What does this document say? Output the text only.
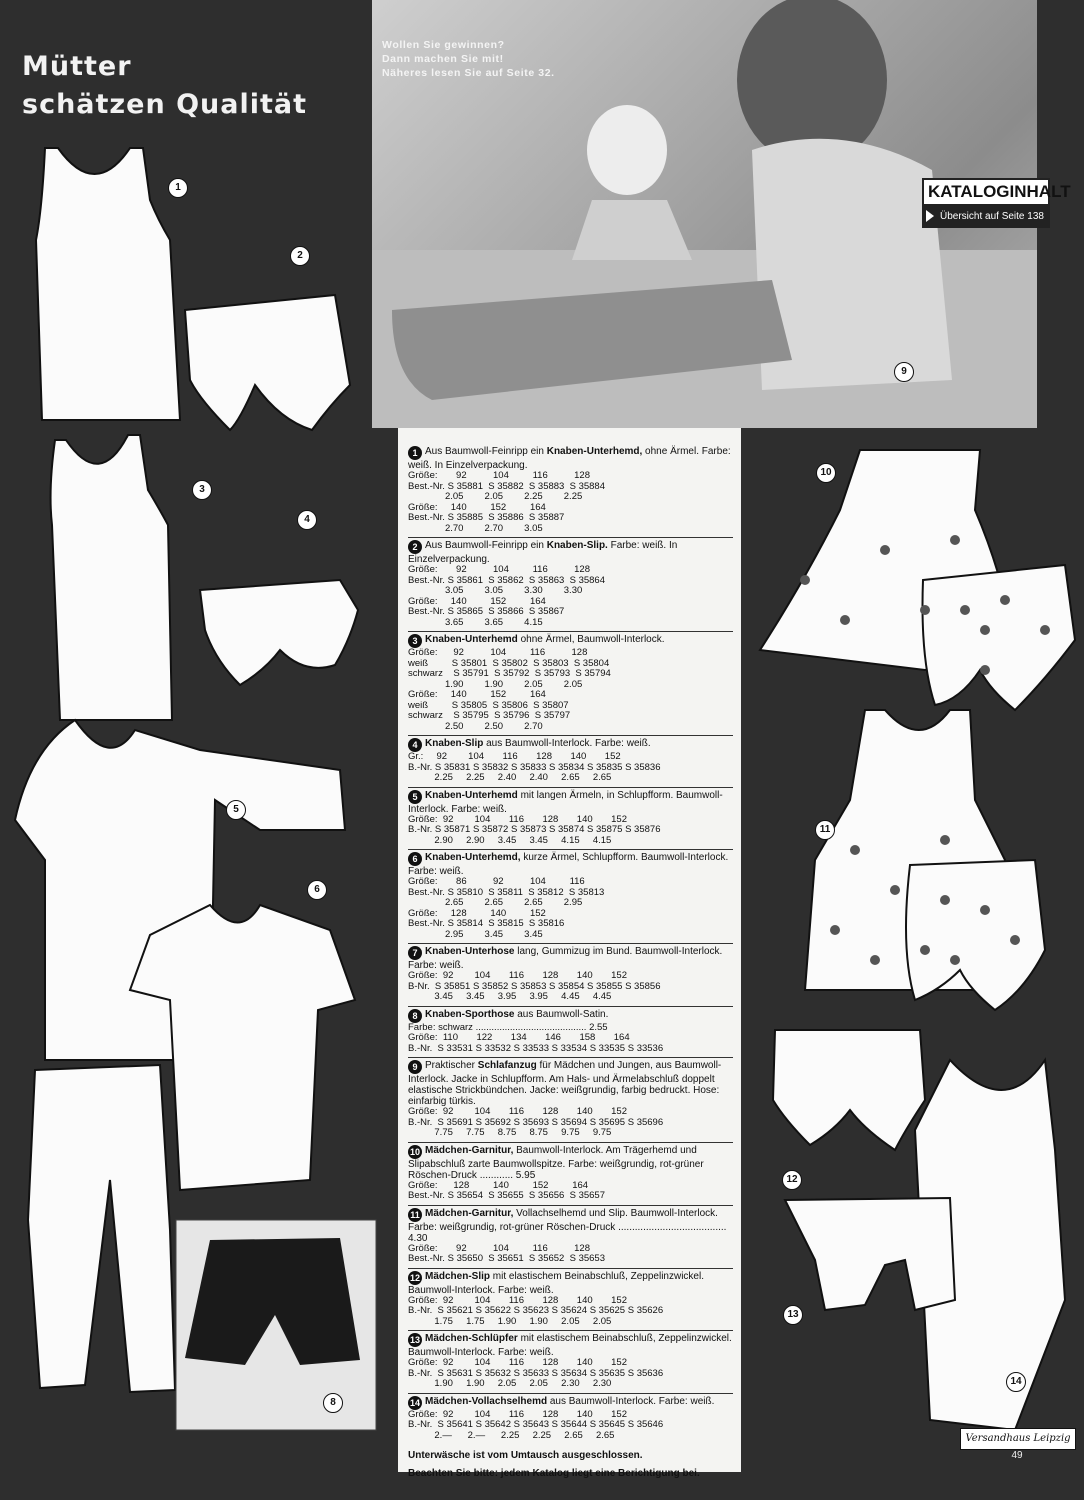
Mütter
schätzen Qualität
Wollen Sie gewinnen?
Dann machen Sie mit!
Näheres lesen Sie auf Seite 32.
KATALOGINHALT
Übersicht auf Seite 138
9
1
2
3
4
5
6
8
10
11
12
13
14
1 Aus Baumwoll-Feinripp ein Knaben-Unterhemd, ohne Ärmel. Farbe: weiß. In Einzelverpackung.
Größe:       92          104         116          128
Best.-Nr. S 35881  S 35882  S 35883  S 35884
2.05        2.05        2.25        2.25
Größe:     140         152         164
Best.-Nr. S 35885  S 35886  S 35887
2.70        2.70        3.05
2 Aus Baumwoll-Feinripp ein Knaben-Slip. Farbe: weiß. In Einzelverpackung.
Größe:       92          104         116          128
Best.-Nr. S 35861  S 35862  S 35863  S 35864
3.05        3.05        3.30        3.30
Größe:     140         152         164
Best.-Nr. S 35865  S 35866  S 35867
3.65        3.65        4.15
3 Knaben-Unterhemd ohne Ärmel, Baumwoll-Interlock.
Größe:      92          104         116          128
weiß         S 35801  S 35802  S 35803  S 35804
schwarz    S 35791  S 35792  S 35793  S 35794
1.90        1.90        2.05        2.05
Größe:     140         152         164
weiß         S 35805  S 35806  S 35807
schwarz    S 35795  S 35796  S 35797
2.50        2.50        2.70
4 Knaben-Slip aus Baumwoll-Interlock. Farbe: weiß.
Gr.:     92        104       116       128       140       152
B.-Nr. S 35831 S 35832 S 35833 S 35834 S 35835 S 35836
2.25     2.25     2.40     2.40     2.65     2.65
5 Knaben-Unterhemd mit langen Ärmeln, in Schlupfform. Baumwoll-Interlock. Farbe: weiß.
Größe:  92        104       116       128       140       152
B.-Nr. S 35871 S 35872 S 35873 S 35874 S 35875 S 35876
2.90     2.90     3.45     3.45     4.15     4.15
6 Knaben-Unterhemd, kurze Ärmel, Schlupfform. Baumwoll-Interlock. Farbe: weiß.
Größe:       86          92          104         116
Best.-Nr. S 35810  S 35811  S 35812  S 35813
2.65        2.65        2.65        2.95
Größe:     128         140         152
Best.-Nr. S 35814  S 35815  S 35816
2.95        3.45        3.45
7 Knaben-Unterhose lang, Gummizug im Bund. Baumwoll-Interlock. Farbe: weiß.
Größe:  92        104       116       128       140       152
B-Nr.  S 35851 S 35852 S 35853 S 35854 S 35855 S 35856
3.45     3.45     3.95     3.95     4.45     4.45
8 Knaben-Sporthose aus Baumwoll-Satin.
Farbe: schwarz .......................................... 2.55
Größe:  110       122       134       146       158       164
B.-Nr.  S 33531 S 33532 S 33533 S 33534 S 33535 S 33536
9 Praktischer Schlafanzug für Mädchen und Jungen, aus Baumwoll-Interlock. Jacke in Schlupfform. Am Hals- und Ärmelabschluß doppelt elastische Strickbündchen. Jacke: weißgrundig, farbig bedruckt. Hose: einfarbig türkis.
Größe:  92        104       116       128       140       152
B.-Nr.  S 35691 S 35692 S 35693 S 35694 S 35695 S 35696
7.75     7.75     8.75     8.75     9.75     9.75
10 Mädchen-Garnitur, Baumwoll-Interlock. Am Trägerhemd und Slipabschluß zarte Baumwollspitze. Farbe: weißgrundig, rot-grüner Röschen-Druck ............ 5.95
Größe:      128         140         152         164
Best.-Nr. S 35654  S 35655  S 35656  S 35657
11 Mädchen-Garnitur, Vollachselhemd und Slip. Baumwoll-Interlock. Farbe: weißgrundig, rot-grüner Röschen-Druck ....................................... 4.30
Größe:       92          104         116          128
Best.-Nr. S 35650  S 35651  S 35652  S 35653
12 Mädchen-Slip mit elastischem Beinabschluß, Zeppelinzwickel. Baumwoll-Interlock. Farbe: weiß.
Größe:  92        104       116       128       140       152
B.-Nr.  S 35621 S 35622 S 35623 S 35624 S 35625 S 35626
1.75     1.75     1.90     1.90     2.05     2.05
13 Mädchen-Schlüpfer mit elastischem Beinabschluß, Zeppelinzwickel. Baumwoll-Interlock. Farbe: weiß.
Größe:  92        104       116       128       140       152
B.-Nr.  S 35631 S 35632 S 35633 S 35634 S 35635 S 35636
1.90     1.90     2.05     2.05     2.30     2.30
14 Mädchen-Vollachselhemd aus Baumwoll-Interlock. Farbe: weiß.
Größe:  92        104       116       128       140       152
B.-Nr.  S 35641 S 35642 S 35643 S 35644 S 35645 S 35646
2.—      2.—      2.25     2.25     2.65     2.65

Unterwäsche ist vom Umtausch ausgeschlossen.

Beachten Sie bitte: jedem Katalog liegt eine Berichtigung bei.

Versandhaus Leipzig
49
